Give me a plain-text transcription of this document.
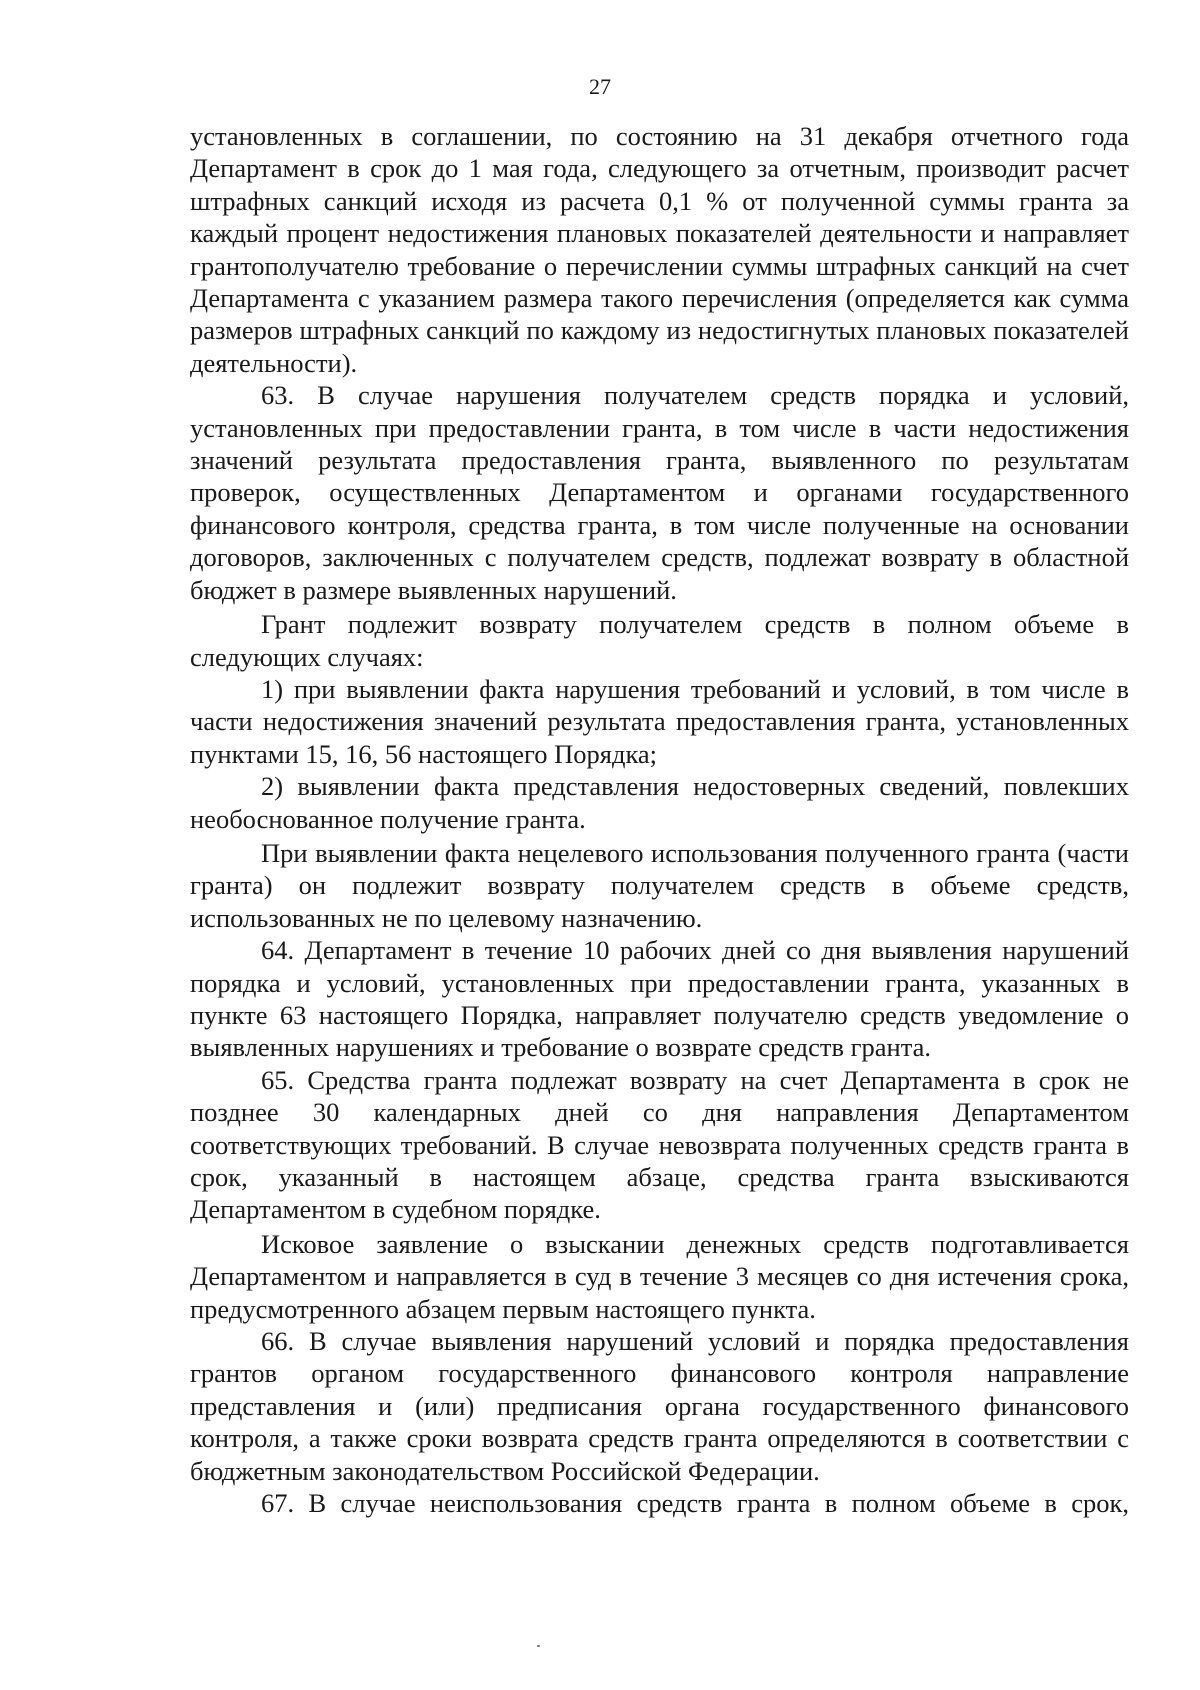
27

установленных в соглашении, по состоянию на 31 декабря отчетного года Департамент в срок до 1 мая года, следующего за отчетным, производит расчет штрафных санкций исходя из расчета 0,1 % от полученной суммы гранта за каждый процент недостижения плановых показателей деятельности и направляет грантополучателю требование о перечислении суммы штрафных санкций на счет Департамента с указанием размера такого перечисления (определяется как сумма размеров штрафных санкций по каждому из недостигнутых плановых показателей деятельности).

63. В случае нарушения получателем средств порядка и условий, установленных при предоставлении гранта, в том числе в части недостижения значений результата предоставления гранта, выявленного по результатам проверок, осуществленных Департаментом и органами государственного финансового контроля, средства гранта, в том числе полученные на основании договоров, заключенных с получателем средств, подлежат возврату в областной бюджет в размере выявленных нарушений.

Грант подлежит возврату получателем средств в полном объеме в следующих случаях:

1) при выявлении факта нарушения требований и условий, в том числе в части недостижения значений результата предоставления гранта, установленных пунктами 15, 16, 56 настоящего Порядка;

2) выявлении факта представления недостоверных сведений, повлекших необоснованное получение гранта.

При выявлении факта нецелевого использования полученного гранта (части гранта) он подлежит возврату получателем средств в объеме средств, использованных не по целевому назначению.

64. Департамент в течение 10 рабочих дней со дня выявления нарушений порядка и условий, установленных при предоставлении гранта, указанных в пункте 63 настоящего Порядка, направляет получателю средств уведомление о выявленных нарушениях и требование о возврате средств гранта.

65. Средства гранта подлежат возврату на счет Департамента в срок не позднее 30 календарных дней со дня направления Департаментом соответствующих требований. В случае невозврата полученных средств гранта в срок, указанный в настоящем абзаце, средства гранта взыскиваются Департаментом в судебном порядке.

Исковое заявление о взыскании денежных средств подготавливается Департаментом и направляется в суд в течение 3 месяцев со дня истечения срока, предусмотренного абзацем первым настоящего пункта.

66. В случае выявления нарушений условий и порядка предоставления грантов органом государственного финансового контроля направление представления и (или) предписания органа государственного финансового контроля, а также сроки возврата средств гранта определяются в соответствии с бюджетным законодательством Российской Федерации.

67. В случае неиспользования средств гранта в полном объеме в срок,
